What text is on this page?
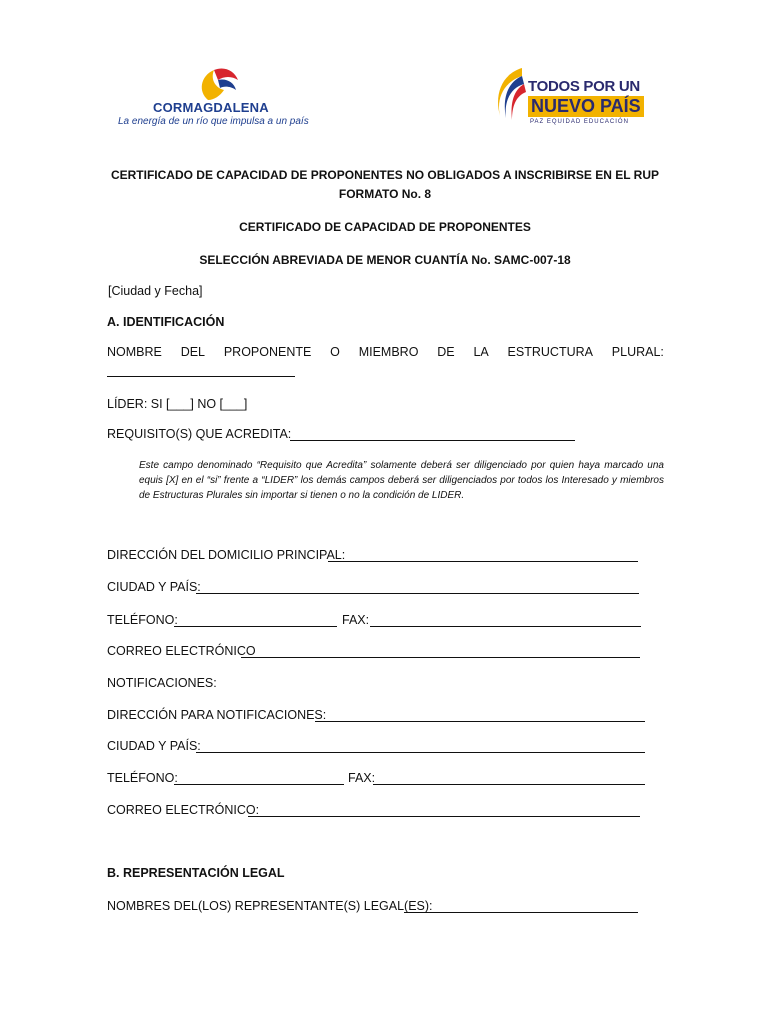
CORMAGDALENA
La energía de un río que impulsa a un país
TODOS POR UN
NUEVO PAÍS
PAZ EQUIDAD EDUCACIÓN
CERTIFICADO DE CAPACIDAD DE PROPONENTES NO OBLIGADOS A INSCRIBIRSE EN EL RUP
FORMATO No. 8
CERTIFICADO DE CAPACIDAD DE PROPONENTES
SELECCIÓN ABREVIADA DE MENOR CUANTÍA No. SAMC-007-18
[Ciudad y Fecha]
A. IDENTIFICACIÓN
NOMBRE DEL PROPONENTE O MIEMBRO DE LA ESTRUCTURA PLURAL:
LÍDER: SI [___] NO [___]
REQUISITO(S) QUE ACREDITA:
Este campo denominado “Requisito que Acredita” solamente deberá ser diligenciado por quien haya marcado una equis [X] en el “si” frente a “LIDER” los demás campos deberá ser diligenciados por todos los Interesado y miembros de Estructuras Plurales sin importar si tienen o no la condición de LIDER.
DIRECCIÓN DEL DOMICILIO PRINCIPAL:
CIUDAD Y PAÍS:
TELÉFONO:	FAX:
CORREO ELECTRÓNICO
NOTIFICACIONES:
DIRECCIÓN PARA NOTIFICACIONES:
CIUDAD Y PAÍS:
TELÉFONO:	FAX:
CORREO ELECTRÓNICO:
B. REPRESENTACIÓN LEGAL
NOMBRES DEL(LOS) REPRESENTANTE(S) LEGAL(ES):
